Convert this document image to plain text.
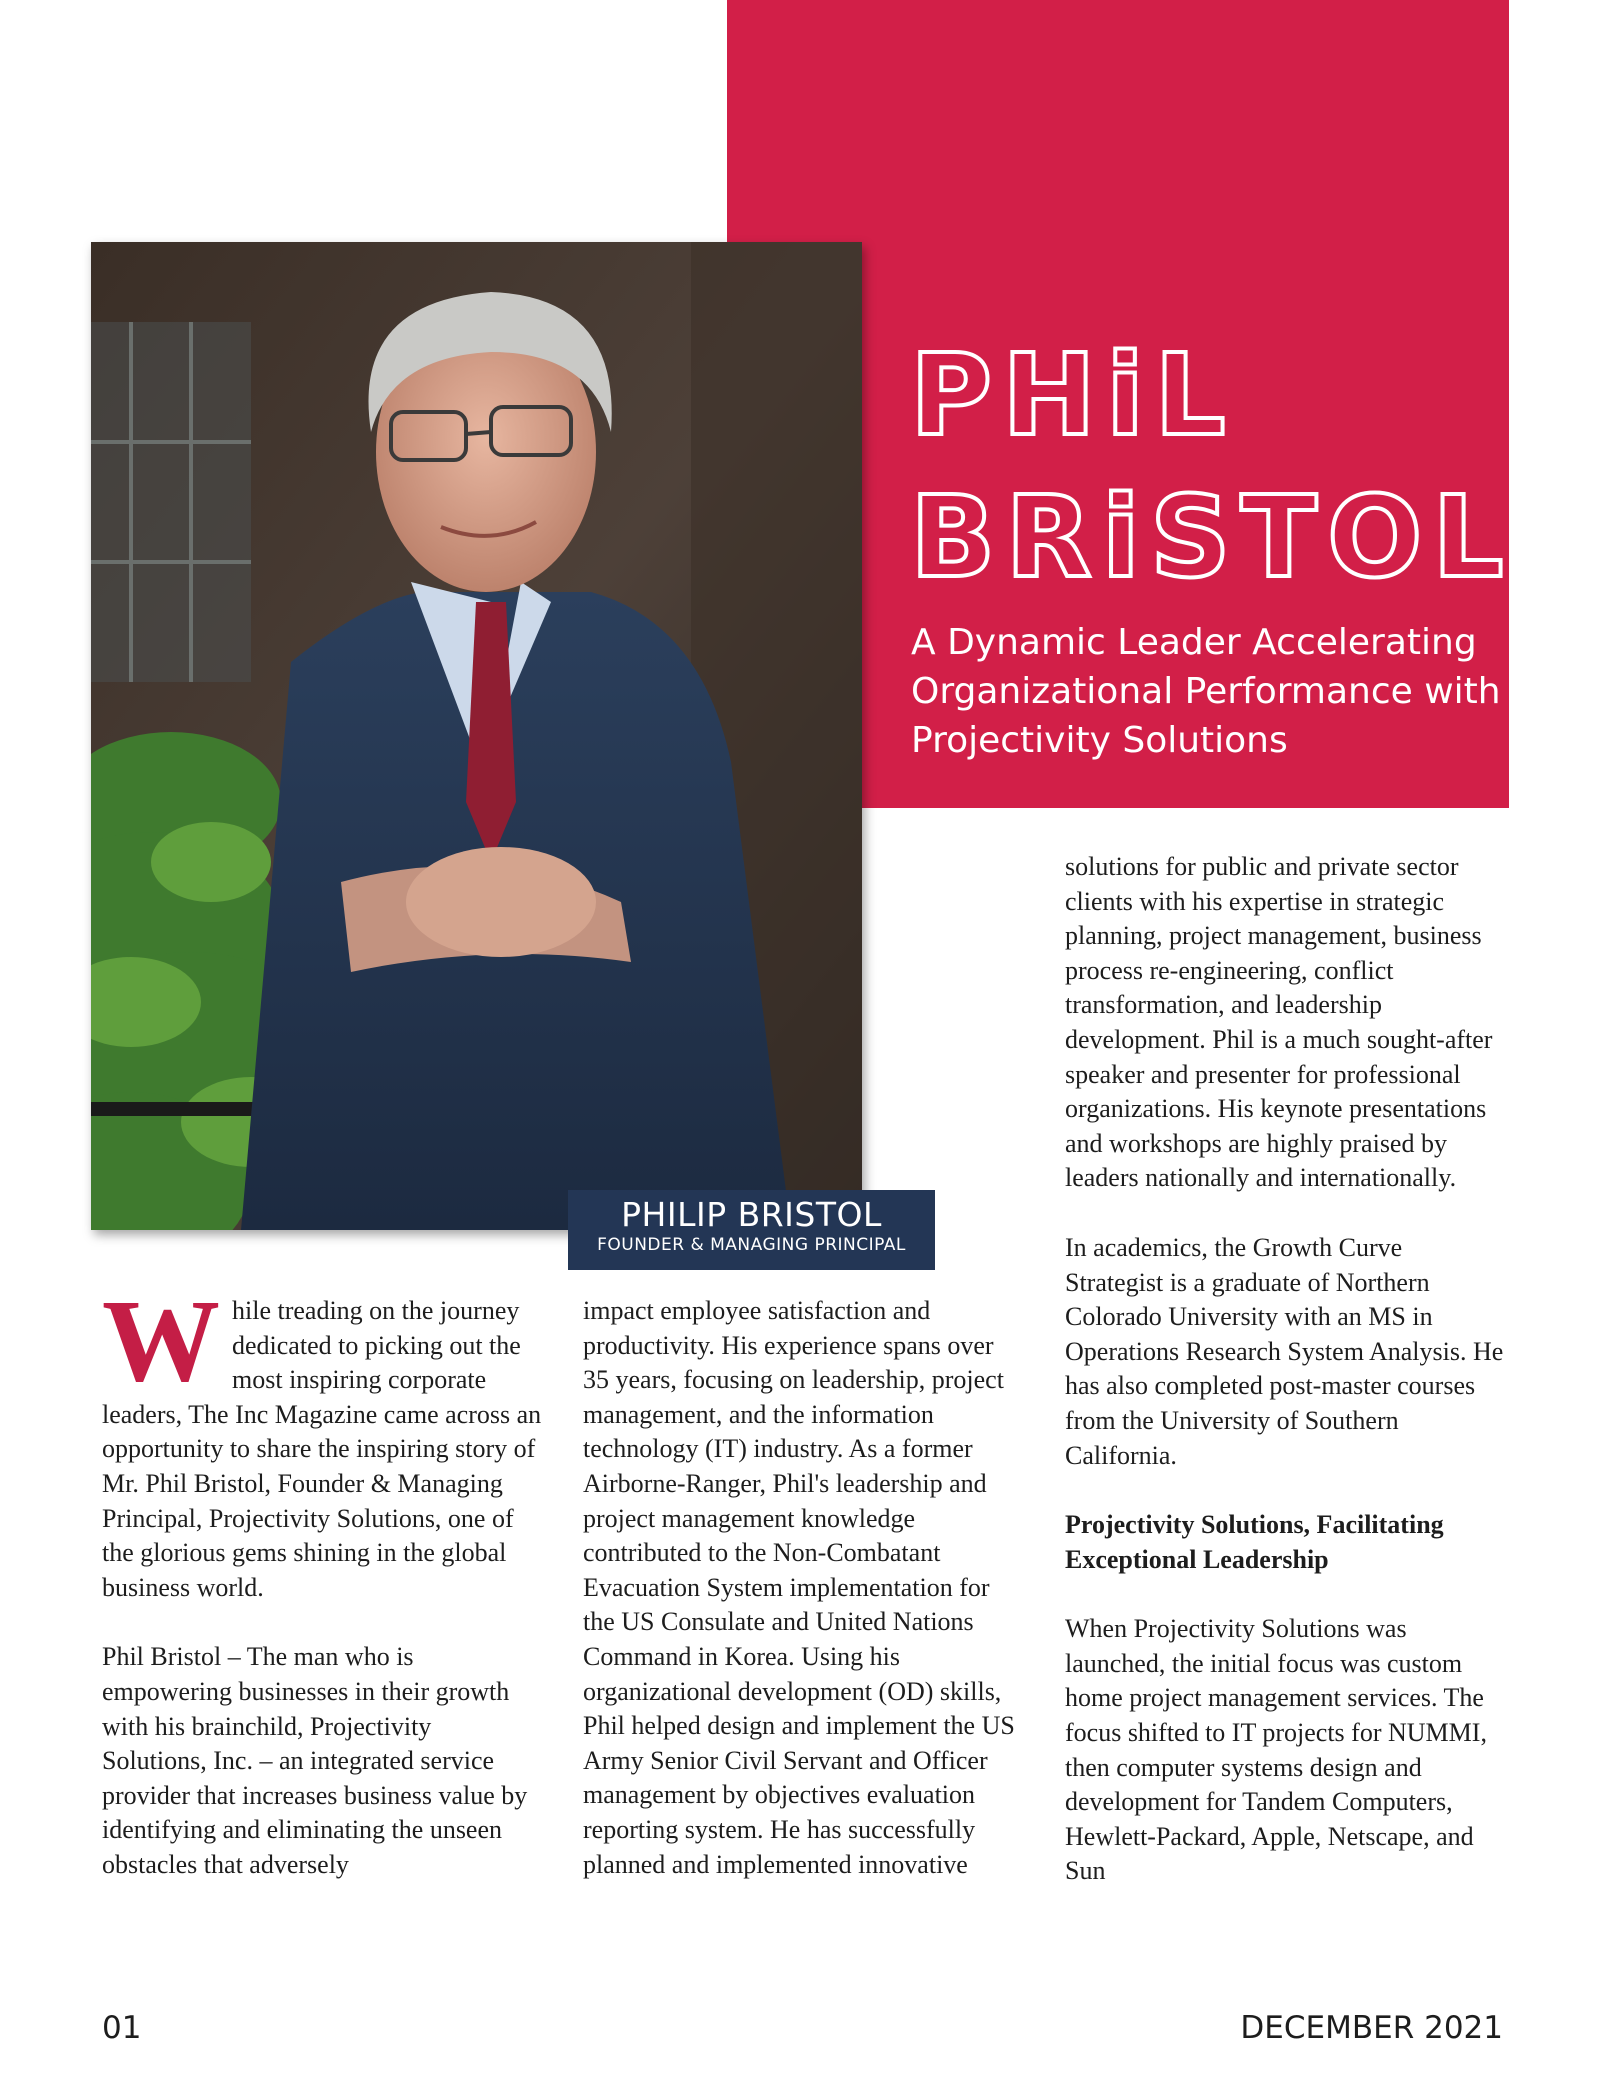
PHiL
BRiSTOL
A Dynamic Leader Accelerating Organizational Performance with Projectivity Solutions
PHILIP BRISTOL
FOUNDER & MANAGING PRINCIPAL

While treading on the journey dedicated to picking out the most inspiring corporate leaders, The Inc Magazine came across an opportunity to share the inspiring story of Mr. Phil Bristol, Founder & Managing Principal, Projectivity Solutions, one of the glorious gems shining in the global business world.

Phil Bristol – The man who is empowering businesses in their growth with his brainchild, Projectivity Solutions, Inc. – an integrated service provider that increases business value by identifying and eliminating the unseen obstacles that adversely

impact employee satisfaction and productivity. His experience spans over 35 years, focusing on leadership, project management, and the information technology (IT) industry. As a former Airborne-Ranger, Phil's leadership and project management knowledge contributed to the Non-Combatant Evacuation System implementation for the US Consulate and United Nations Command in Korea. Using his organizational development (OD) skills, Phil helped design and implement the US Army Senior Civil Servant and Officer management by objectives evaluation reporting system. He has successfully planned and implemented innovative

solutions for public and private sector clients with his expertise in strategic planning, project management, business process re-engineering, conflict transformation, and leadership development. Phil is a much sought-after speaker and presenter for professional organizations. His keynote presentations and workshops are highly praised by leaders nationally and internationally.

In academics, the Growth Curve Strategist is a graduate of Northern Colorado University with an MS in Operations Research System Analysis. He has also completed post-master courses from the University of Southern California.

Projectivity Solutions, Facilitating Exceptional Leadership

When Projectivity Solutions was launched, the initial focus was custom home project management services. The focus shifted to IT projects for NUMMI, then computer systems design and development for Tandem Computers, Hewlett-Packard, Apple, Netscape, and Sun

01	DECEMBER 2021
